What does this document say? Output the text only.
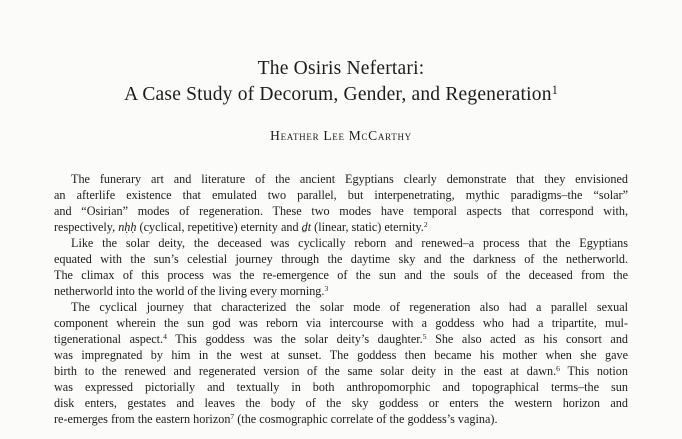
The Osiris Nefertari:
A Case Study of Decorum, Gender, and Regeneration$^1$
Heather Lee McCarthy
The funerary art and literature of the ancient Egyptians clearly demonstrate that they envisioned
an afterlife existence that emulated two parallel, but interpenetrating, mythic paradigms–the “solar”
and “Osirian” modes of regeneration. These two modes have temporal aspects that correspond with,
respectively, nḥḥ (cyclical, repetitive) eternity and ḏt (linear, static) eternity.$^2$
Like the solar deity, the deceased was cyclically reborn and renewed–a process that the Egyptians
equated with the sun’s celestial journey through the daytime sky and the darkness of the netherworld.
The climax of this process was the re-emergence of the sun and the souls of the deceased from the
netherworld into the world of the living every morning.$^3$
The cyclical journey that characterized the solar mode of regeneration also had a parallel sexual
component wherein the sun god was reborn via intercourse with a goddess who had a tripartite, mul-
tigenerational aspect.$^4$ This goddess was the solar deity’s daughter.$^5$ She also acted as his consort and
was impregnated by him in the west at sunset. The goddess then became his mother when she gave
birth to the renewed and regenerated version of the same solar deity in the east at dawn.$^6$ This notion
was expressed pictorially and textually in both anthropomorphic and topographical terms–the sun
disk enters, gestates and leaves the body of the sky goddess or enters the western horizon and
re-emerges from the eastern horizon$^7$ (the cosmographic correlate of the goddess’s vagina).
